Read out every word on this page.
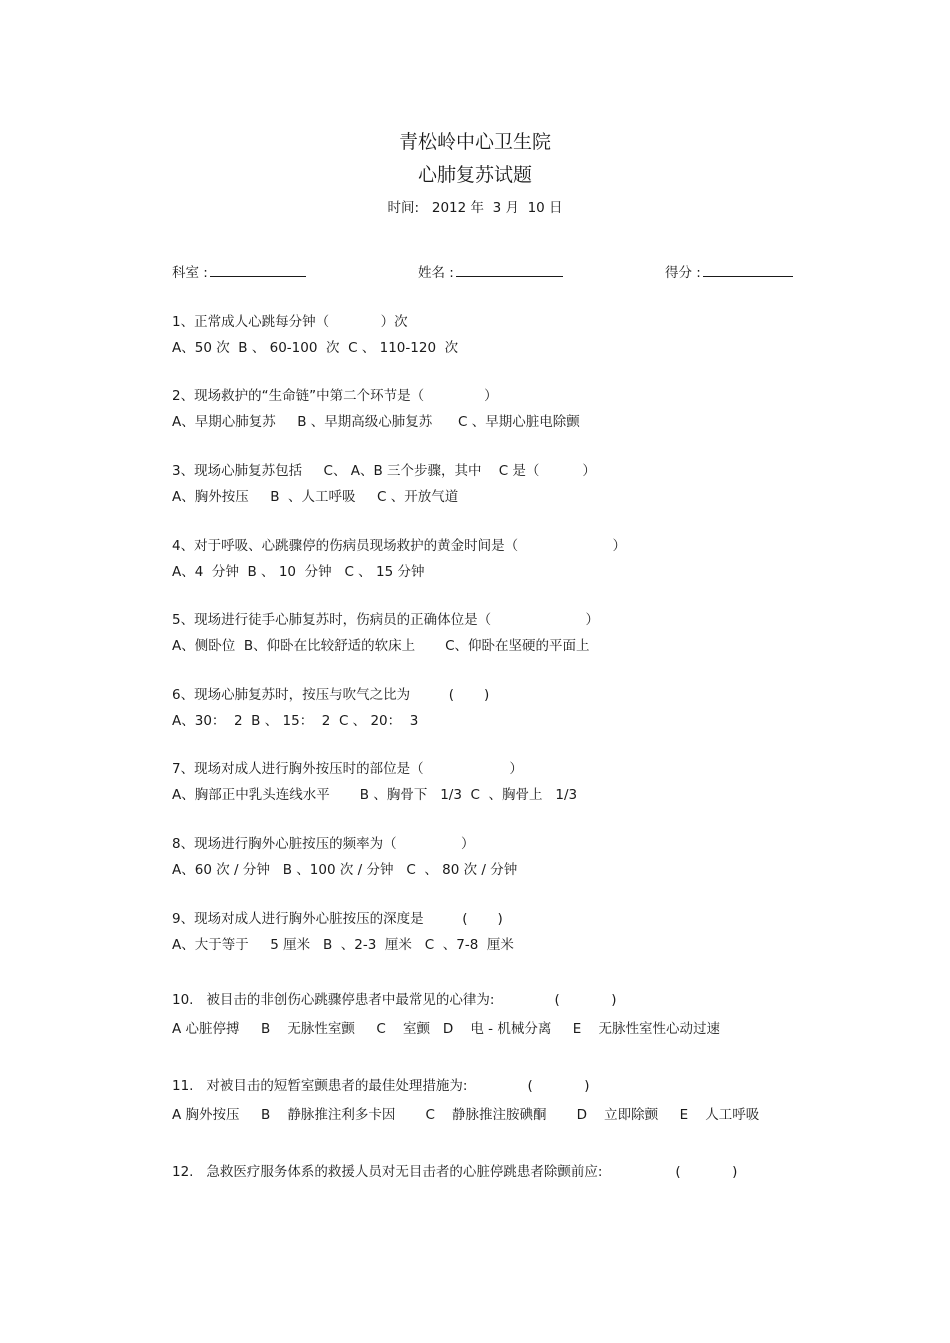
青松岭中心卫生院
心肺复苏试题
时间:   2012 年  3 月  10 日
科室 :	姓名 :	得分 :
1、正常成人心跳每分钟（            ）次
A、50 次  B 、 60-100  次  C 、 110-120  次
2、现场救护的“生命链”中第二个环节是（              ）
A、早期心肺复苏     B 、早期高级心肺复苏      C 、早期心脏电除颤
3、现场心肺复苏包括     C、 A、B 三个步骤，其中    C 是（          ）
A、胸外按压     B  、人工呼吸     C 、开放气道
4、对于呼吸、心跳骤停的伤病员现场救护的黄金时间是（                      ）
A、4  分钟  B 、 10  分钟   C 、 15 分钟
5、现场进行徒手心肺复苏时，伤病员的正确体位是（                      ）
A、侧卧位  B、仰卧在比较舒适的软床上       C、仰卧在坚硬的平面上
6、现场心肺复苏时，按压与吹气之比为         (       )
A、30：  2  B 、 15：  2  C 、 20：  3
7、现场对成人进行胸外按压时的部位是（                    ）
A、胸部正中乳头连线水平       B 、胸骨下   1/3  C  、胸骨上   1/3
8、现场进行胸外心脏按压的频率为（               ）
A、60 次 / 分钟   B 、100 次 / 分钟   C  、 80 次 / 分钟
9、现场对成人进行胸外心脏按压的深度是         (       )
A、大于等于     5 厘米   B  、2-3  厘米   C  、7-8  厘米
10.   被目击的非创伤心跳骤停患者中最常见的心律为:              (            )
A 心脏停搏     B    无脉性室颤     C    室颤   D    电 - 机械分离     E    无脉性室性心动过速
11.   对被目击的短暂室颤患者的最佳处理措施为:              (            )
A 胸外按压     B    静脉推注利多卡因       C    静脉推注胺碘酮       D    立即除颤     E    人工呼吸
12.   急救医疗服务体系的救援人员对无目击者的心脏停跳患者除颤前应:                 (            )
